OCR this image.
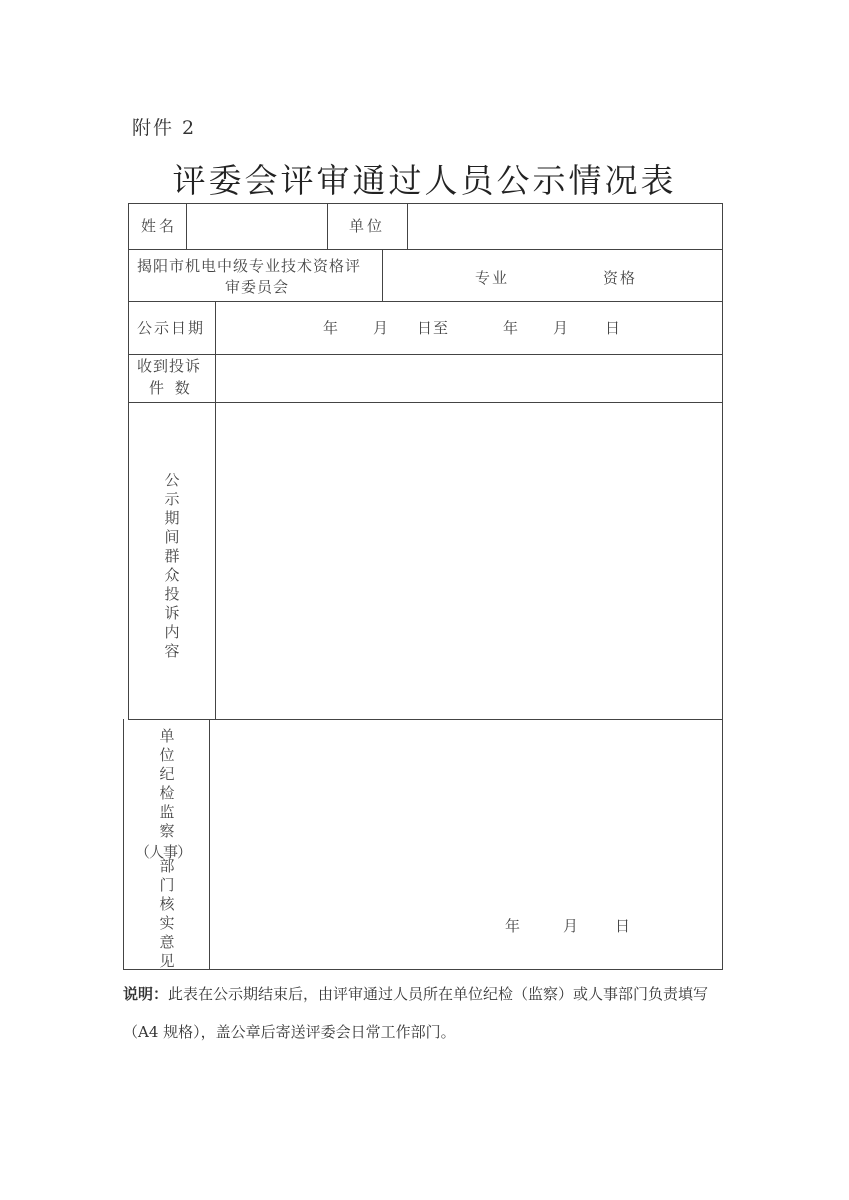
附件 2
评委会评审通过人员公示情况表
姓名	单位
揭阳市机电中级专业技术资格评
审委员会	专业	资格
公示日期	年 月 日至	年 月 日
收到投诉
件 数
公示期间群众投诉内容
单位纪检监察
（人事）
部门核实意见
年	月 日
说明：此表在公示期结束后，由评审通过人员所在单位纪检（监察）或人事部门负责填写（A4 规格），盖公章后寄送评委会日常工作部门。
